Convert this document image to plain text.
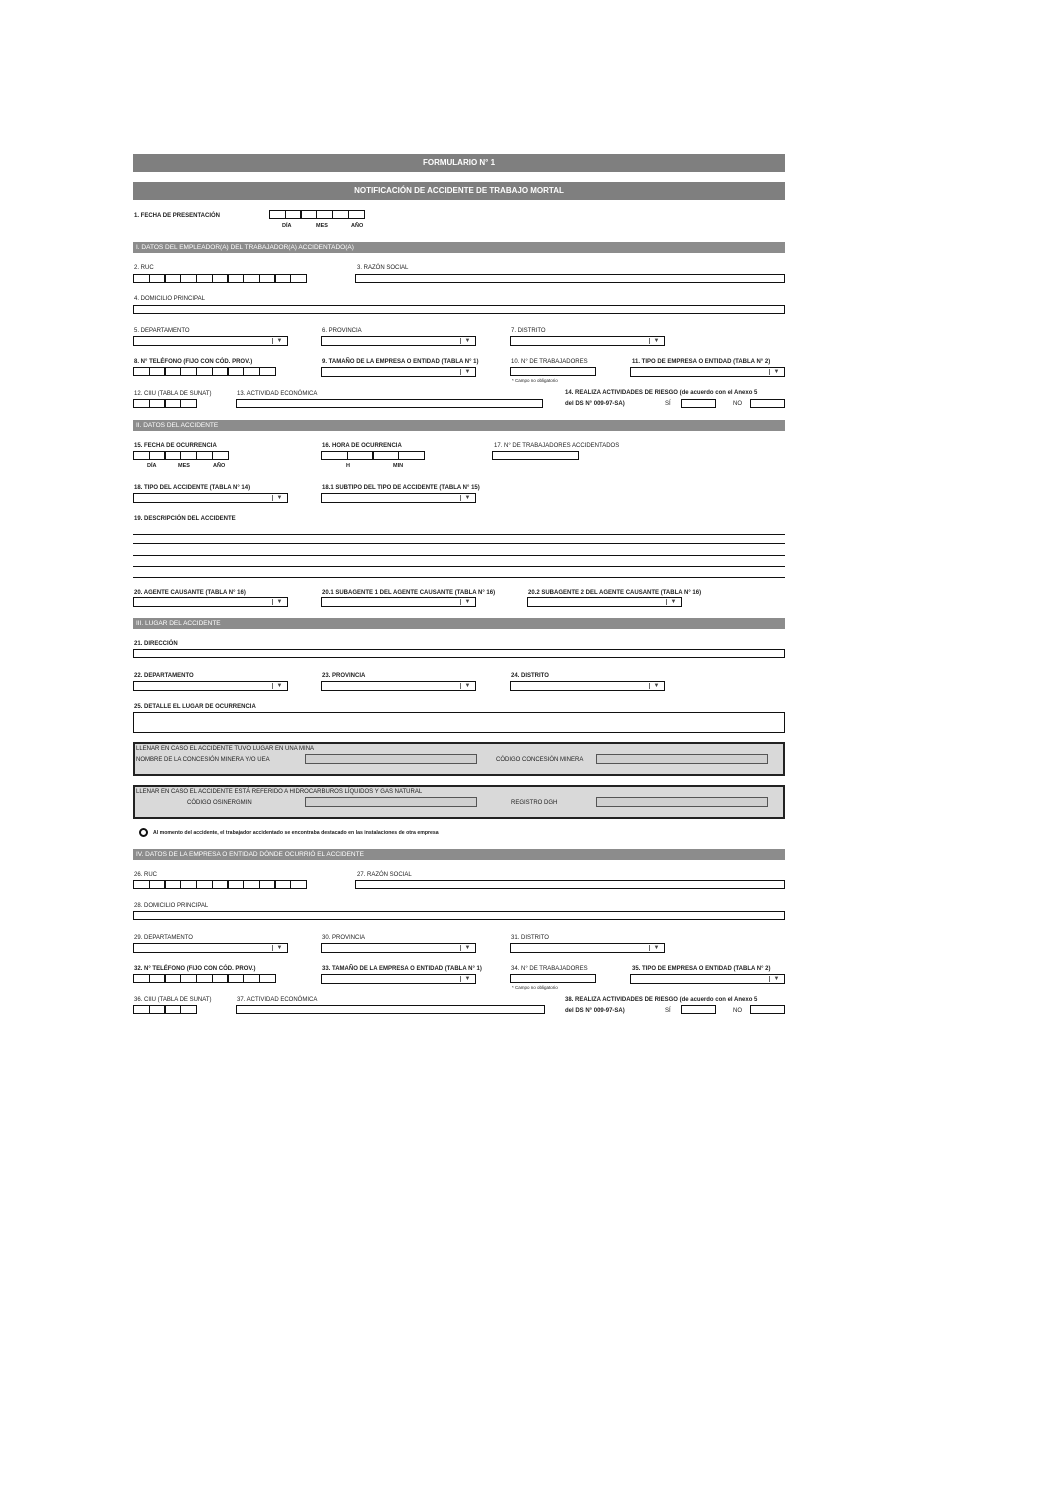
FORMULARIO N° 1
NOTIFICACIÓN DE ACCIDENTE DE TRABAJO MORTAL
1. FECHA DE PRESENTACIÓN
DÍA	MES	AÑO
I. DATOS DEL EMPLEADOR(A) DEL TRABAJADOR(A) ACCIDENTADO(A)
2. RUC	3. RAZÓN SOCIAL
4. DOMICILIO PRINCIPAL
5. DEPARTAMENTO
▼
6. PROVINCIA
▼
7. DISTRITO
▼
8. N° TELÉFONO (FIJO CON CÓD. PROV.)	9. TAMAÑO DE LA EMPRESA O ENTIDAD (TABLA N° 1)
▼
10. N° DE TRABAJADORES
* Campo no obligatorio
11. TIPO DE EMPRESA O ENTIDAD (TABLA N° 2)
▼
12. CIIU (TABLA DE SUNAT)	13. ACTIVIDAD ECONÓMICA	14. REALIZA ACTIVIDADES DE RIESGO (de acuerdo con el Anexo 5
del DS N° 009-97-SA)	SÍ	NO
II. DATOS DEL ACCIDENTE
15. FECHA DE OCURRENCIA
DÍA	MES	AÑO
16. HORA DE OCURRENCIA
H	MIN
17. N° DE TRABAJADORES ACCIDENTADOS
18. TIPO DEL ACCIDENTE (TABLA N° 14)
▼
18.1 SUBTIPO DEL TIPO DE ACCIDENTE (TABLA N° 15)
▼
19. DESCRIPCIÓN DEL ACCIDENTE
20. AGENTE CAUSANTE (TABLA N° 16)
▼
20.1 SUBAGENTE 1 DEL AGENTE CAUSANTE (TABLA N° 16)
▼
20.2 SUBAGENTE 2 DEL AGENTE CAUSANTE (TABLA N° 16)
▼
III. LUGAR DEL ACCIDENTE
21. DIRECCIÓN
22. DEPARTAMENTO
▼
23. PROVINCIA
▼
24. DISTRITO
▼
25. DETALLE EL LUGAR DE OCURRENCIA
LLENAR EN CASO EL ACCIDENTE TUVO LUGAR EN UNA MINA
NOMBRE DE LA CONCESIÓN MINERA Y/O UEA	CÓDIGO CONCESIÓN MINERA
LLENAR EN CASO EL ACCIDENTE ESTÁ REFERIDO A HIDROCARBUROS LÍQUIDOS Y GAS NATURAL
CÓDIGO OSINERGMIN	REGISTRO DGH
Al momento del accidente, el trabajador accidentado se encontraba destacado en las instalaciones de otra empresa
IV. DATOS DE LA EMPRESA O ENTIDAD DÓNDE OCURRIÓ EL ACCIDENTE
26. RUC	27. RAZÓN SOCIAL
28. DOMICILIO PRINCIPAL
29. DEPARTAMENTO
▼
30. PROVINCIA
▼
31. DISTRITO
▼
32. N° TELÉFONO (FIJO CON CÓD. PROV.)	33. TAMAÑO DE LA EMPRESA O ENTIDAD (TABLA N° 1)
▼
34. N° DE TRABAJADORES
* Campo no obligatorio
35. TIPO DE EMPRESA O ENTIDAD (TABLA N° 2)
▼
36. CIIU (TABLA DE SUNAT)	37. ACTIVIDAD ECONÓMICA	38. REALIZA ACTIVIDADES DE RIESGO (de acuerdo con el Anexo 5
del DS N° 009-97-SA)	SÍ	NO
